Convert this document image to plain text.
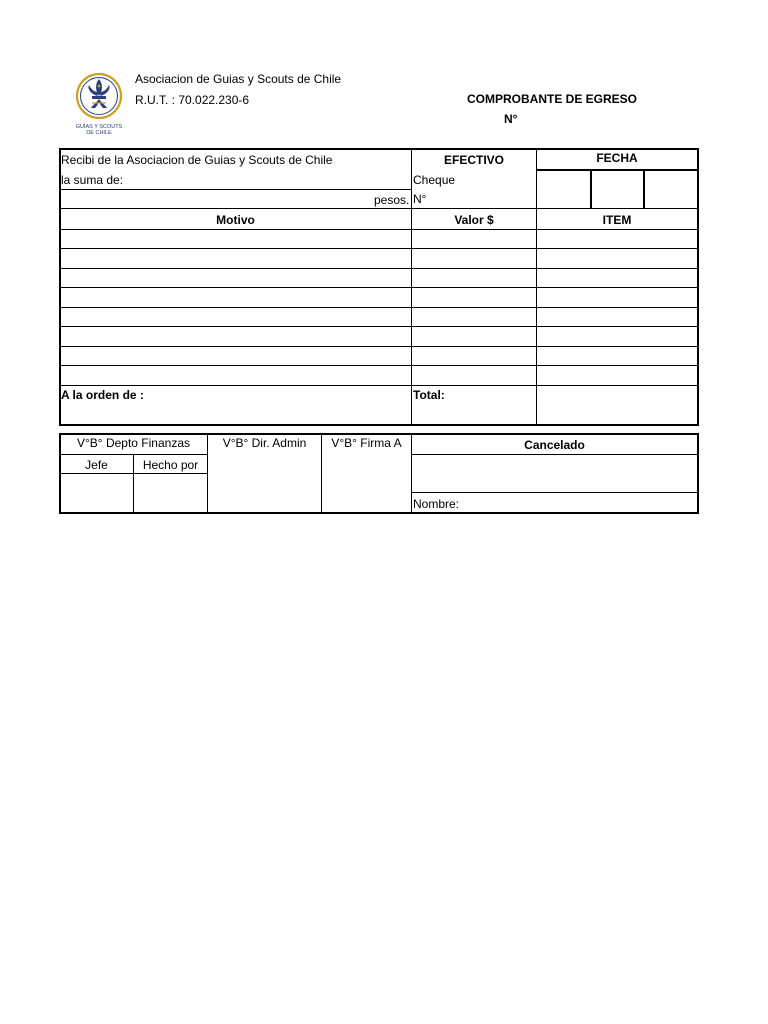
GUÍAS Y SCOUTS
DE CHILE
Asociacion de Guias y Scouts de Chile
R.U.T. : 70.022.230-6	COMPROBANTE DE EGRESO
N°
Recibi de la Asociacion de Guias y Scouts de Chile
la suma de:
pesos.
EFECTIVO
Cheque
N°
FECHA
Motivo	Valor $	ITEM
A la orden de :	Total:
V°B° Depto Finanzas	V°B° Dir. Admin	V°B° Firma A	Cancelado
Jefe	Hecho por
Nombre:
